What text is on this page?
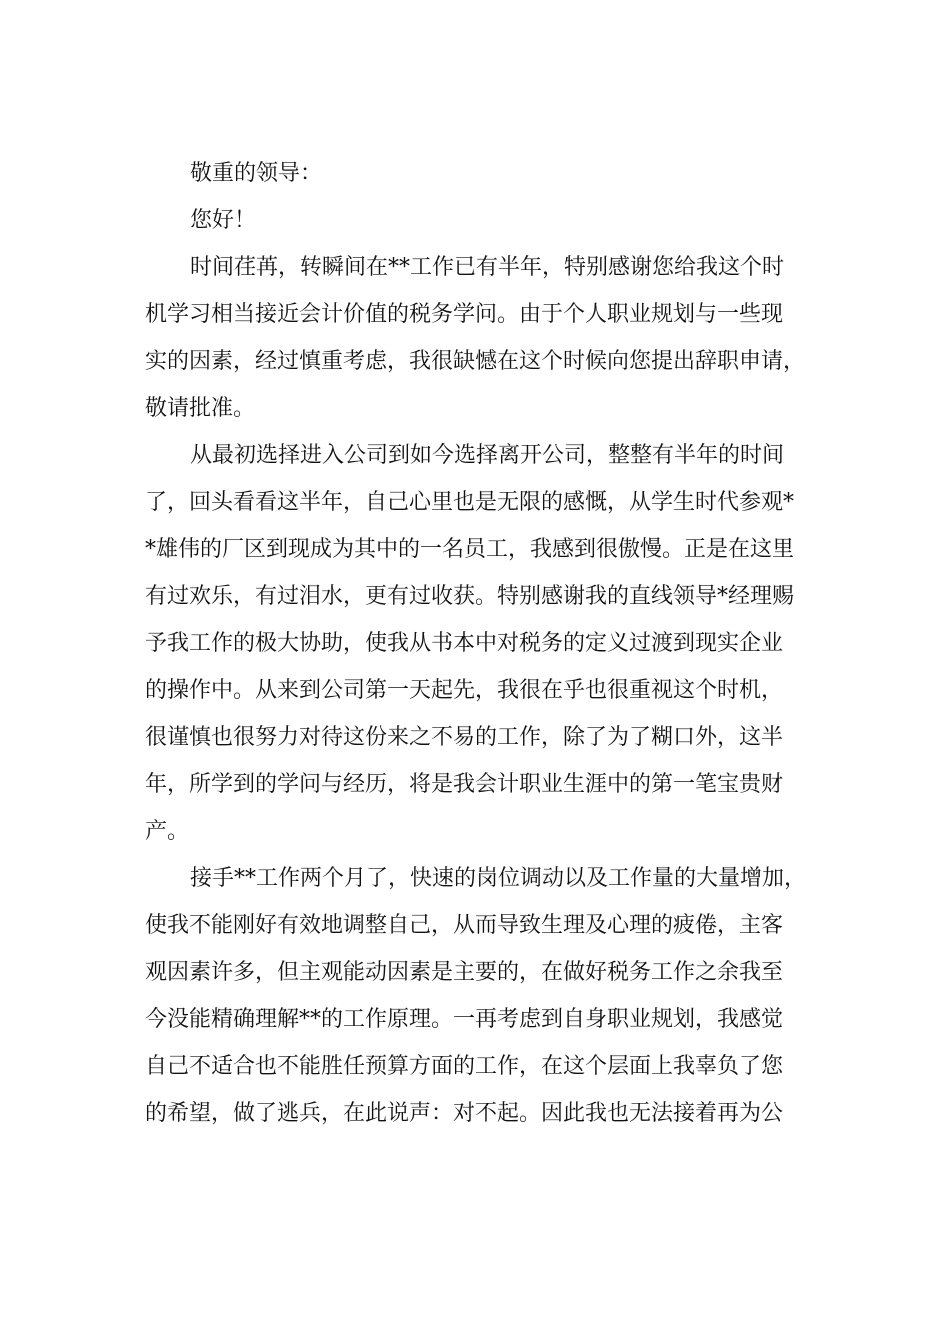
敬重的领导：
您好！
时间荏苒，转瞬间在**工作已有半年，特别感谢您给我这个时
机学习相当接近会计价值的税务学问。由于个人职业规划与一些现
实的因素，经过慎重考虑，我很缺憾在这个时候向您提出辞职申请，
敬请批准。
从最初选择进入公司到如今选择离开公司，整整有半年的时间
了，回头看看这半年，自己心里也是无限的感慨，从学生时代参观*
*雄伟的厂区到现成为其中的一名员工，我感到很傲慢。正是在这里
有过欢乐，有过泪水，更有过收获。特别感谢我的直线领导*经理赐
予我工作的极大协助，使我从书本中对税务的定义过渡到现实企业
的操作中。从来到公司第一天起先，我很在乎也很重视这个时机，
很谨慎也很努力对待这份来之不易的工作，除了为了糊口外，这半
年，所学到的学问与经历，将是我会计职业生涯中的第一笔宝贵财
产。
接手**工作两个月了，快速的岗位调动以及工作量的大量增加，
使我不能刚好有效地调整自己，从而导致生理及心理的疲倦，主客
观因素许多，但主观能动因素是主要的，在做好税务工作之余我至
今没能精确理解**的工作原理。一再考虑到自身职业规划，我感觉
自己不适合也不能胜任预算方面的工作，在这个层面上我辜负了您
的希望，做了逃兵，在此说声：对不起。因此我也无法接着再为公
